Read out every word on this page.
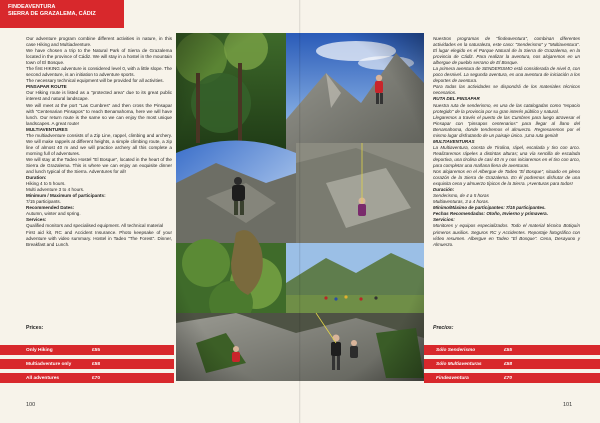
FINDEAVENTURA
SIERRA DE GRAZALEMA, CÁDIZ

Our adventure program combine different activities in nature, in this case Hiking and Multiadventure.

We have chosen a trip to the Natural Park of Sierra de Grazalema located in the province of Cádiz. We will stay in a hostel in the mountain town of El Bosque.

The first HIKING adventure is considered level 0, with a little slope. The second adventure, is an initiation to adventure sports.

The necessary technical equipment will be provided for all activities.

PINSAPAR ROUTE

Our Hiking route is listed as a "protected area" due to its great public interest and natural landscape.

We will meet at the port "Las Cumbres" and then cross the Pinsapar with "Centenarian Pinsapos" to reach Benamahoma, here we will have lunch. Our return route is the same so we can enjoy the most unique landscapes. A great route!

MULTIAVENTURES

The multiadventure consists of a Zip Line, rappel, climbing and archery. We will make rappels at different heights, a simple climbing route, a zip line of almost 40 m and we will practice archery all this complete a morning full of adventures.

We will stay at the Tadeo Hostel "El Bosque", located in the heart of the Sierra de Grazalema. This is where we can enjoy an exquisite dinner and lunch typical of the Sierra. Adventures for all!

Duration:

Hiking 4 to 5 hours.

Multi adventure 3 to 4 hours.

Minimum / Maximum of participants:

7/15 participants.

Recommended Dates:

Autumn, winter and spring.

Services:

Qualified monitors and specialised equipment. All technical material

First aid kit, RC and Accident Insurance. Photo keepsake of your adventure with video summary. Hostel in Tadeo "The Forest". Dinner, Breakfast and Lunch.

Prices:
Only Hiking	£55
Multiadventure only	£58
All adventures	£70

Nuestros programas de "findeaventura", combinan diferentes actividades en la naturaleza, este caso: "Senderismo" y "Multiaventura". El lugar elegido es el Parque Natural de la Sierra de Grazalema, en la provincia de Cádiz. Para realizar la aventura, nos alojaremos en un albergue de pueblo serrano de El Bosque.

La primera aventura de SENDERISMO está considerada de nivel 0, con poco desnivel. La segunda aventura, es una aventura de iniciación a los deportes de aventura.

Para todas las actividades se dispondrá de los materiales técnicos necesarios.

RUTA DEL PINSAPAR

Nuestra ruta de senderismo, es una de las catalogadas como "espacio protegido" de la provincia por su gran interés público y natural.

Llegaremos a través el puerto de las Cumbres para luego atravesar el Pinsapar con "pinsapos centenarios" para llegar al llano del Benamahoma, donde tendremos el almuerzo. Regresaremos por el mismo lugar disfrutando de un paisaje único. ¡Una ruta genial!

MULTIAVENTURAS

La Multiaventura, consta de Tirolina, rápel, escalada y tiro con arco. Realizaremos rápeles a distintas alturas; una vía sencilla de escalada deportiva, una tirolina de casi 40 m y nos iniciaremos en el tiro con arco, para completar una mañana llena de aventuras.

Nos alojaremos en el Albergue de Tadeo "El Bosque", situado en pleno corazón de la Sierra de Grazalema. En él podremos disfrutar de una exquisita cena y almuerzo típicos de la Sierra. ¡Aventuras para todos!

Duración:

Senderismo, de 4 a 5 horas

Multiaventuras, 3 a 4 horas.

Mínimo/Máximo de participantes: 7/15 participantes.

Fechas Recomendadas: Otoño, Invierno y primavera.

Servicios:

Monitores y equipos especializados. Todo el material técnico Botiquín primeros auxilios. Seguros RC y Accidentes. Reportaje fotográfico con vídeo resumen. Albergue en Tadeo "El Bosque". Cena, Desayuno y Almuerzo.

Precios:
Sólo Senderismo	£55
Sólo Multiaventuras	£58
Findeaventura	£70
100	101
